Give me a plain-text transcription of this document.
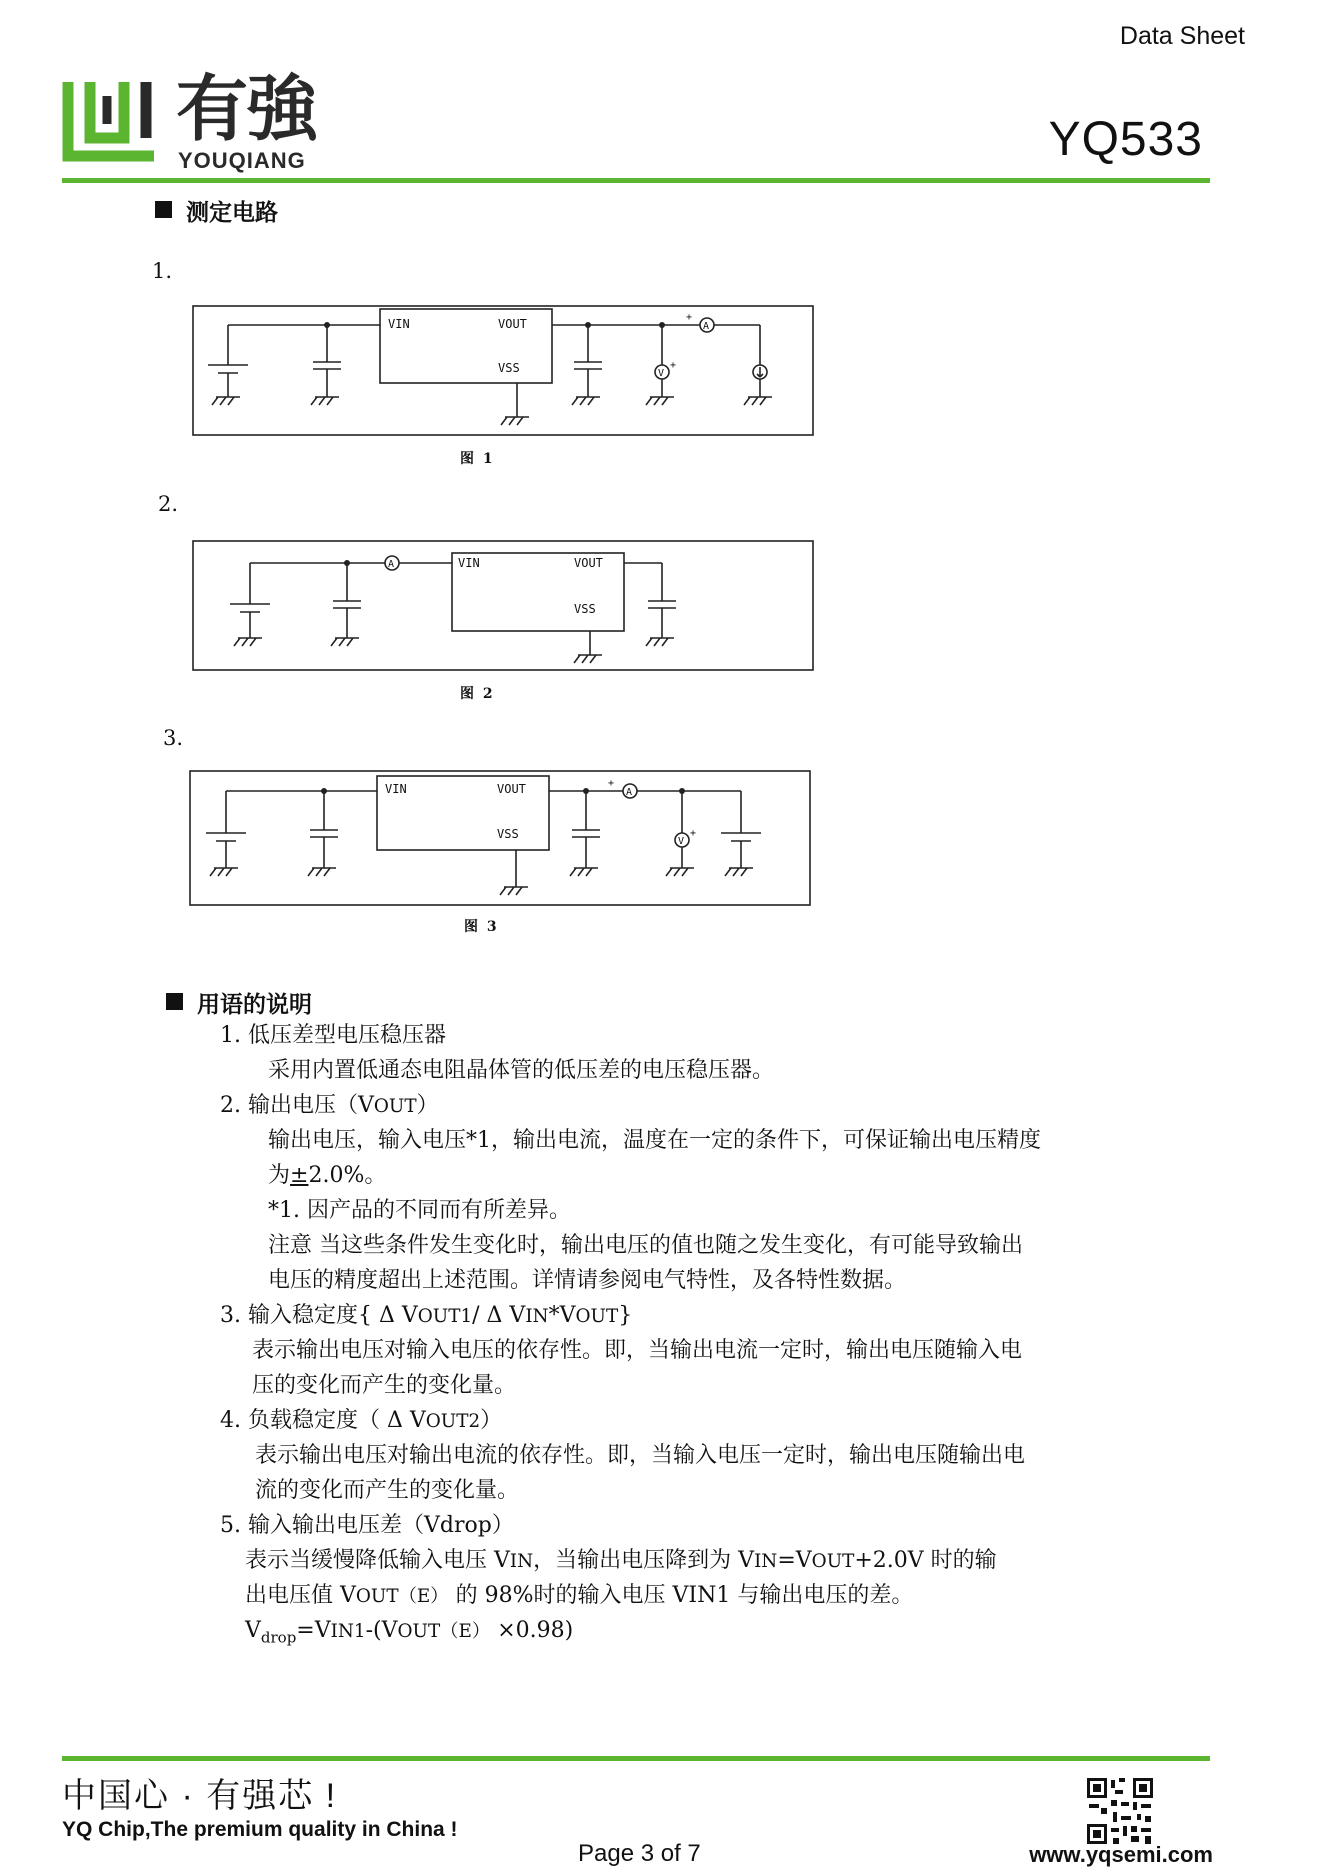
Data Sheet
YQ533
有強
YOUQIANG
测定电路
1.
VIN	VOUT
VSS
A
V
+
+
图 1
2.
VIN	VOUT
VSS
A
图 2
3.
VIN	VOUT
VSS
A
V
+
+
图 3
用语的说明
1. 低压差型电压稳压器
采用内置低通态电阻晶体管的低压差的电压稳压器。
2. 输出电压（VOUT）
输出电压，输入电压*1，输出电流，温度在一定的条件下，可保证输出电压精度
为±2.0%。
*1. 因产品的不同而有所差异。
注意 当这些条件发生变化时，输出电压的值也随之发生变化，有可能导致输出
电压的精度超出上述范围。详情请参阅电气特性，及各特性数据。
3. 输入稳定度{ Δ VOUT1/ Δ VIN*VOUT}
表示输出电压对输入电压的依存性。即，当输出电流一定时，输出电压随输入电
压的变化而产生的变化量。
4. 负载稳定度（ Δ VOUT2）
表示输出电压对输出电流的依存性。即，当输入电压一定时，输出电压随输出电
流的变化而产生的变化量。
5. 输入输出电压差（Vdrop）
表示当缓慢降低输入电压 VIN，当输出电压降到为 VIN=VOUT+2.0V 时的输
出电压值 VOUT（E） 的 98%时的输入电压 VIN1 与输出电压的差。
$V_{drop}=VIN1-(VOUT(E) \times 0.98)$
中国心 · 有强芯 !
YQ Chip,The premium quality in China !
Page 3 of 7	www.yqsemi.com
